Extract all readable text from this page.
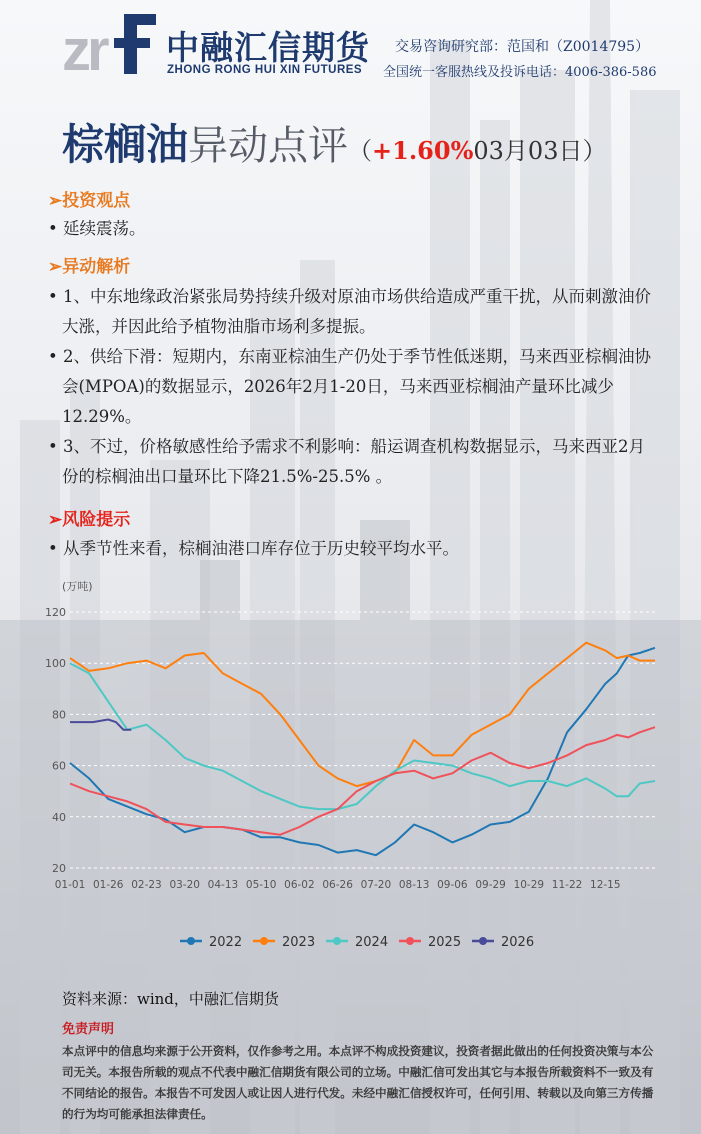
zr 中融汇信期货
ZHONG RONG HUI XIN FUTURES
交易咨询研究部：范国和（Z0014795）
全国统一客服热线及投诉电话：4006-386-586
棕榈油异动点评（+1.60%03月03日）
➢投资观点
• 延续震荡。
➢异动解析
• 1、中东地缘政治紧张局势持续升级对原油市场供给造成严重干扰，从而刺激油价大涨，并因此给予植物油脂市场利多提振。
• 2、供给下滑：短期内，东南亚棕油生产仍处于季节性低迷期，马来西亚棕榈油协会(MPOA)的数据显示，2026年2月1-20日，马来西亚棕榈油产量环比减少12.29%。
• 3、不过，价格敏感性给予需求不利影响：船运调查机构数据显示，马来西亚2月份的棕榈油出口量环比下降21.5%-25.5% 。
➢风险提示
• 从季节性来看，棕榈油港口库存位于历史较平均水平。
(万吨)
20
40
60
80
100
120
01-01 01-26 02-23 03-20 04-13 05-10 06-02 06-26 07-20 08-13 09-06 09-29 10-29 11-22 12-15
2022	2023	2024	2025	2026
资料来源：wind，中融汇信期货
免责声明
本点评中的信息均来源于公开资料，仅作参考之用。本点评不构成投资建议，投资者据此做出的任何投资决策与本公司无关。本报告所载的观点不代表中融汇信期货有限公司的立场。中融汇信可发出其它与本报告所载资料不一致及有不同结论的报告。本报告不可发因人或让因人进行代发。未经中融汇信授权许可，任何引用、转载以及向第三方传播的行为均可能承担法律责任。
